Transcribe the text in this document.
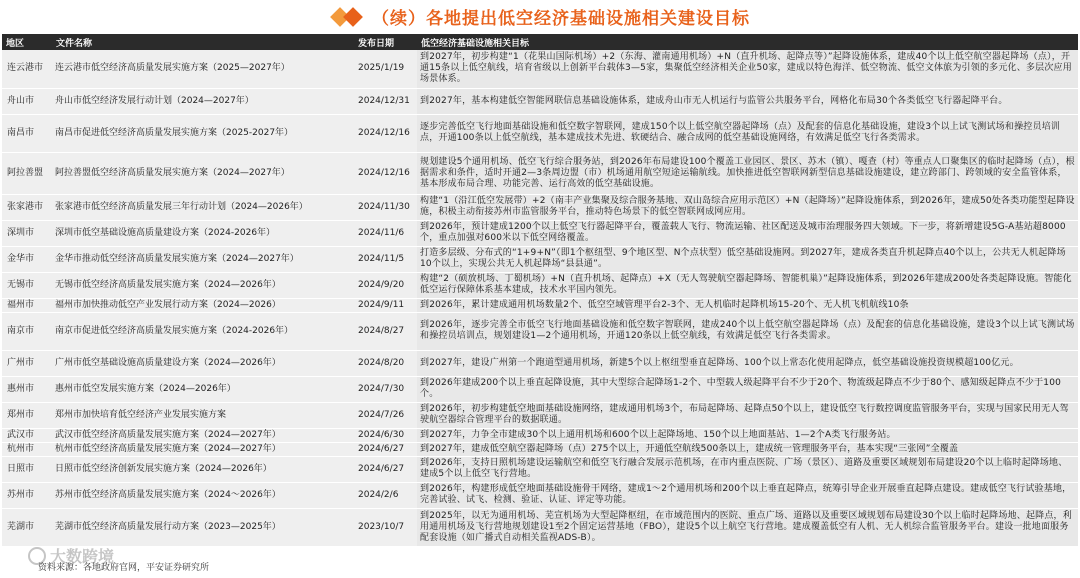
（续）各地提出低空经济基础设施相关建设目标
地区	文件名称	发布日期	低空经济基础设施相关目标
连云港市	连云港市低空经济高质量发展实施方案（2025—2027年）	2025/1/19	到2027年，初步构建“1（花果山国际机场）+2（东海、灌南通用机场）+N（直升机场、起降点等）”起降设施体系，建成40个以上低空航空器起降场（点），开通15条以上低空航线，培育省级以上创新平台载体3—5家，集聚低空经济相关企业50家，建成以特色海洋、低空物流、低空文体旅为引领的多元化、多层次应用场景体系。
舟山市	舟山市低空经济发展行动计划（2024—2027年）	2024/12/31	到2027年，基本构建低空智能网联信息基础设施体系，建成舟山市无人机运行与监管公共服务平台，网格化布局30个各类低空飞行器起降平台。
南昌市	南昌市促进低空经济高质量发展实施方案（2025-2027年）	2024/12/16	逐步完善低空飞行地面基础设施和低空数字智联网，建成150个以上低空航空器起降场（点）及配套的信息化基础设施，建设3个以上试飞测试场和操控员培训点，开通100条以上低空航线，基本建成技术先进、软硬结合、融合成网的低空基础设施网络，有效满足低空飞行各类需求。
阿拉善盟	阿拉善盟低空经济高质量发展实施方案（2024—2027年）	2024/12/16	规划建设5个通用机场、低空飞行综合服务站，到2026年布局建设100个覆盖工业园区、景区、苏木（镇）、嘎查（村）等重点人口聚集区的临时起降场（点），根据需求和条件，适时开通2—3条周边盟（市）机场通用航空短途运输航线。加快推进低空智联网新型信息基础设施建设，建立跨部门、跨领域的安全监管体系，基本形成布局合理、功能完善、运行高效的低空基础设施。
张家港市	张家港市低空经济高质量发展三年行动计划（2024—2026年）	2024/11/30	构建“1（沿江低空发展带）+2（南丰产业集聚及综合服务基地、双山岛综合应用示范区）+N（起降场）”起降设施体系，到2026年，建成50处各类功能型起降设施，积极主动衔接苏州市监管服务平台，推动特色场景下的低空智联网成网应用。
深圳市	深圳市低空基础设施高质量建设方案（2024-2026年）	2024/11/6	到2026年，预计建成1200个以上低空飞行器起降平台，覆盖载人飞行、物流运输、社区配送及城市治理服务四大领域。下一步，将新增建设5G-A基站超8000个，重点加强对600米以下低空网络覆盖。
金华市	金华市推动低空经济高质量发展实施方案（2024—2027年）	2024/11/5	打造多层级、分布式的“1+9+N”（即1个枢纽型、9个地区型、N个点状型）低空基础设施网。到2027年，建成各类直升机起降点40个以上，公共无人机起降场10个以上，实现公共无人机起降场“县县通”。
无锡市	无锡市低空经济高质量发展实施方案（2024—2026年）	2024/9/20	构建“2（硕放机场、丁蜀机场）+N（直升机场、起降点）+X（无人驾驶航空器起降场、智能机巢）”起降设施体系，到2026年建成200处各类起降设施。智能化低空运行保障体系基本建成，技术水平国内领先。
福州市	福州市加快推动低空产业发展行动方案（2024—2026）	2024/9/11	到2026年，累计建成通用机场数量2个、低空空域管理平台2-3个、无人机临时起降机场15-20个、无人机飞机航线10条
南京市	南京市促进低空经济高质量发展实施方案（2024-2026年）	2024/8/27	到2026年，逐步完善全市低空飞行地面基础设施和低空数字智联网，建成240个以上低空航空器起降场（点）及配套的信息化基础设施，建设3个以上试飞测试场和操控员培训点，规划建设1—2个通用机场，开通120条以上低空航线，有效满足低空飞行各类需求。
广州市	广州市低空基础设施高质量建设方案（2024—2026年）	2024/8/20	到2027年，建设广州第一个跑道型通用机场，新建5个以上枢纽型垂直起降场、100个以上常态化使用起降点，低空基础设施投资规模超100亿元。
惠州市	惠州市低空发展实施方案（2024—2026年）	2024/7/30	到2026年建成200个以上垂直起降设施，其中大型综合起降场1-2个、中型载人级起降平台不少于20个、物流级起降点不少于80个、感知级起降点不少于100个。
郑州市	郑州市加快培育低空经济产业发展实施方案	2024/7/26	到2026年，初步构建低空地面基础设施网络，建成通用机场3个，布局起降场、起降点50个以上，建设低空飞行数控调度监管服务平台，实现与国家民用无人驾驶航空器综合管理平台的数据联通。
武汉市	武汉市低空经济高质量发展实施方案（2024—2027年）	2024/6/30	到2027年，力争全市建成30个以上通用机场和600个以上起降场地、150个以上地面基站、1—2个A类飞行服务站。
杭州市	杭州市低空经济高质量发展实施方案（2024—2027年）	2024/6/27	到2027年，建成低空航空器起降场（点）275个以上，开通低空航线500条以上，建成统一管理服务平台，基本实现“三张网”全覆盖
日照市	日照市低空经济创新发展实施方案（2024—2026年）	2024/6/27	到2026年，支持日照机场建设运输航空和低空飞行融合发展示范机场，在市内重点医院、广场（景区）、道路及重要区域规划布局建设20个以上临时起降场地、建成5个以上低空飞行营地。
苏州市	苏州市低空经济高质量发展实施方案（2024～2026年）	2024/2/6	到2026年，构建形成低空地面基础设施骨干网络，建成1～2个通用机场和200个以上垂直起降点，统筹引导企业开展垂直起降点建设。建成低空飞行试验基地，完善试验、试飞、检测、验证、认证、评定等功能。
芜湖市	芜湖市低空经济高质量发展行动方案（2023—2025年）	2023/10/7	到2025年，以无为通用机场、芜宣机场为大型起降枢纽，在市域范围内的医院、重点广场、道路以及重要区域规划布局建设30个以上临时起降场地、起降点，利用通用机场及飞行营地规划建设1至2个固定运营基地（FBO），建设5个以上航空飞行营地。建成覆盖低空有人机、无人机综合监管服务平台。建设一批地面服务配套设施（如广播式自动相关监视ADS-B）。
大数跨境
资料来源：各地政府官网，平安证券研究所
